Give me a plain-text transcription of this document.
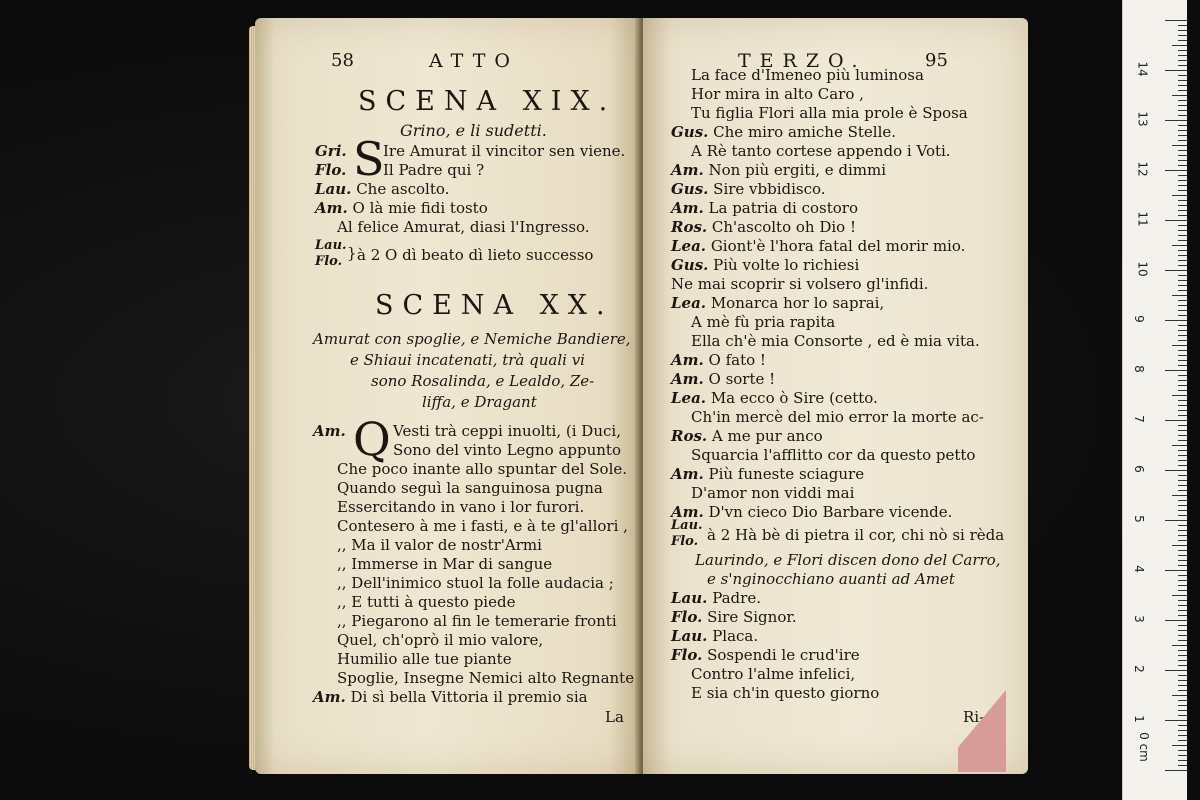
58	ATTO
SCENA XIX.
Grino, e li sudetti.
S
Gri. Ire Amurat il vincitor sen viene.
Flo. Il Padre qui ?
Lau. Che ascolto.
Am. O là mie fidi tosto
Al felice Amurat, diasi l'Ingresso.
Lau.
Flo. } à 2 O dì beato dì lieto successo
SCENA XX.
Amurat con spoglie, e Nemiche Bandiere,
e Shiaui incatenati, trà quali vi
sono Rosalinda, e Lealdo, Ze-
liffa, e Dragant
Am. Q Vesti trà ceppi inuolti, (i Duci,
Sono del vinto Legno appunto
Che poco inante allo spuntar del Sole.
Quando seguì la sanguinosa pugna
Essercitando in vano i lor furori.
Contesero à me i fasti, e à te gl'allori ,
,, Ma il valor de nostr'Armi
,, Immerse in Mar di sangue
,, Dell'inimico stuol la folle audacia ;
,, E tutti à questo piede
,, Piegarono al fin le temerarie fronti
Quel, ch'oprò il mio valore,
Humilio alle tue piante
Spoglie, Insegne Nemici alto Regnante
Am. Di sì bella Vittoria il premio sia
La
TERZO.	95
La face d'Imeneo più luminosa
Hor mira in alto Caro ,
Tu figlia Flori alla mia prole è Sposa
Gus. Che miro amiche Stelle.
A Rè tanto cortese appendo i Voti.
Am. Non più ergiti, e dimmi
Gus. Sire vbbidisco.
Am. La patria di costoro
Ros. Ch'ascolto oh Dio !
Lea. Giont'è l'hora fatal del morir mio.
Gus. Più volte lo richiesi
Ne mai scoprir si volsero gl'infidi.
Lea. Monarca hor lo saprai,
A mè fù pria rapita
Ella ch'è mia Consorte , ed è mia vita.
Am. O fato !
Am. O sorte !
Lea. Ma ecco ò Sire (cetto.
Ch'in mercè del mio error la morte ac-
Ros. A me pur anco
Squarcia l'afflitto cor da questo petto
Am. Più funeste sciagure
D'amor non viddi mai
Am. D'vn cieco Dio Barbare vicende.
à 2 Hà bè di pietra il cor, chi nò si rèda
Laurindo, e Flori discen dono del Carro,
e s'nginocchiano auanti ad Amet
Lau. Padre.
Flo. Sire Signor.
Lau. Placa.
Flo. Sospendi le crud'ire
Contro l'alme infelici,
E sia ch'in questo giorno
Lau.
Flo.
Ri-
0 cm
1
2
3
4
5
6
7
8
9
10
11
12
13
14
